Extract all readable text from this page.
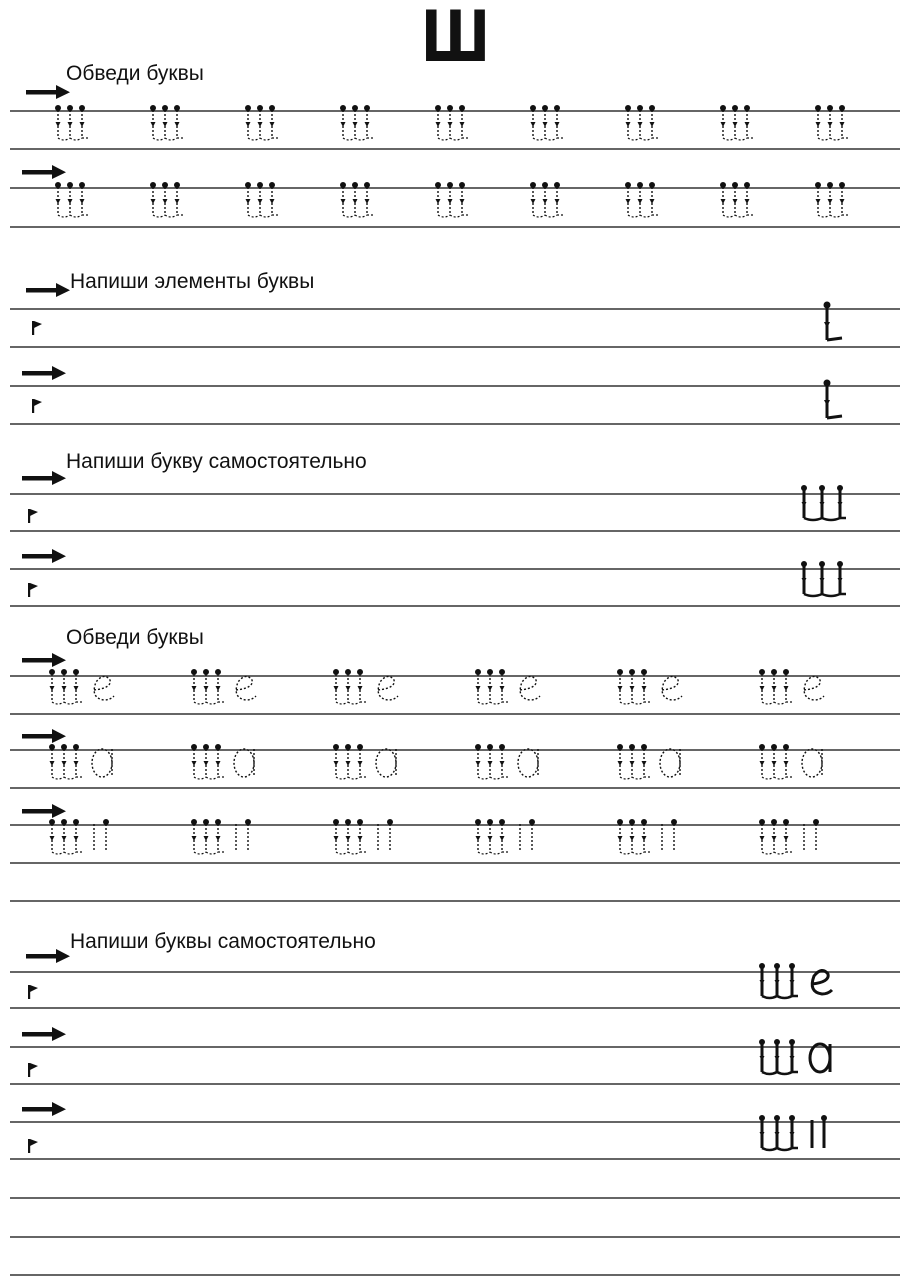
Ш
Обведи буквы
Напиши элементы буквы
Напиши букву самостоятельно
Обведи буквы
Напиши буквы самостоятельно
